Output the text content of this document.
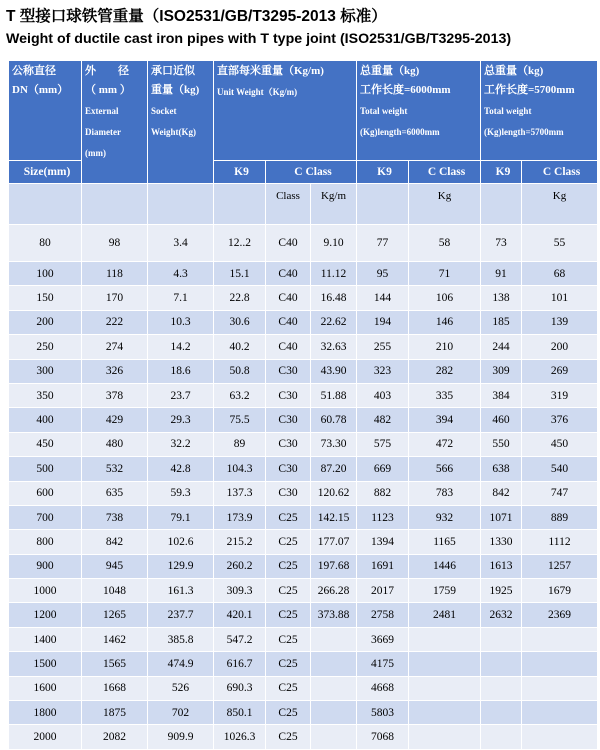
T 型接口球铁管重量（ISO2531/GB/T3295-2013 标准）
Weight of ductile cast iron pipes with T type joint (ISO2531/GB/T3295-2013)
公称直径
DN（mm）	外　　径
（ mm ）
External
Diameter
(mm)	承口近似
重量（kg)
Socket
Weight(Kg)	直部每米重量（Kg/m)
Unit Weight（Kg/m)			总重量（kg)
工作长度=6000mm
Total weight
(Kg)length=6000mm		总重量（kg)
工作长度=5700mm
Total weight
(Kg)length=5700mm	

Size(mm)			K9	C Class		K9	C Class	K9	C Class
				Class	Kg/m		Kg		Kg
80	98	3.4	12..2	C40	9.10	77	58	73	55
100	118	4.3	15.1	C40	11.12	95	71	91	68
150	170	7.1	22.8	C40	16.48	144	106	138	101
200	222	10.3	30.6	C40	22.62	194	146	185	139
250	274	14.2	40.2	C40	32.63	255	210	244	200
300	326	18.6	50.8	C30	43.90	323	282	309	269
350	378	23.7	63.2	C30	51.88	403	335	384	319
400	429	29.3	75.5	C30	60.78	482	394	460	376
450	480	32.2	89	C30	73.30	575	472	550	450
500	532	42.8	104.3	C30	87.20	669	566	638	540
600	635	59.3	137.3	C30	120.62	882	783	842	747
700	738	79.1	173.9	C25	142.15	1123	932	1071	889
800	842	102.6	215.2	C25	177.07	1394	1165	1330	1112
900	945	129.9	260.2	C25	197.68	1691	1446	1613	1257
1000	1048	161.3	309.3	C25	266.28	2017	1759	1925	1679
1200	1265	237.7	420.1	C25	373.88	2758	2481	2632	2369
1400	1462	385.8	547.2	C25		3669			
1500	1565	474.9	616.7	C25		4175			
1600	1668	526	690.3	C25		4668			
1800	1875	702	850.1	C25		5803			
2000	2082	909.9	1026.3	C25		7068			
